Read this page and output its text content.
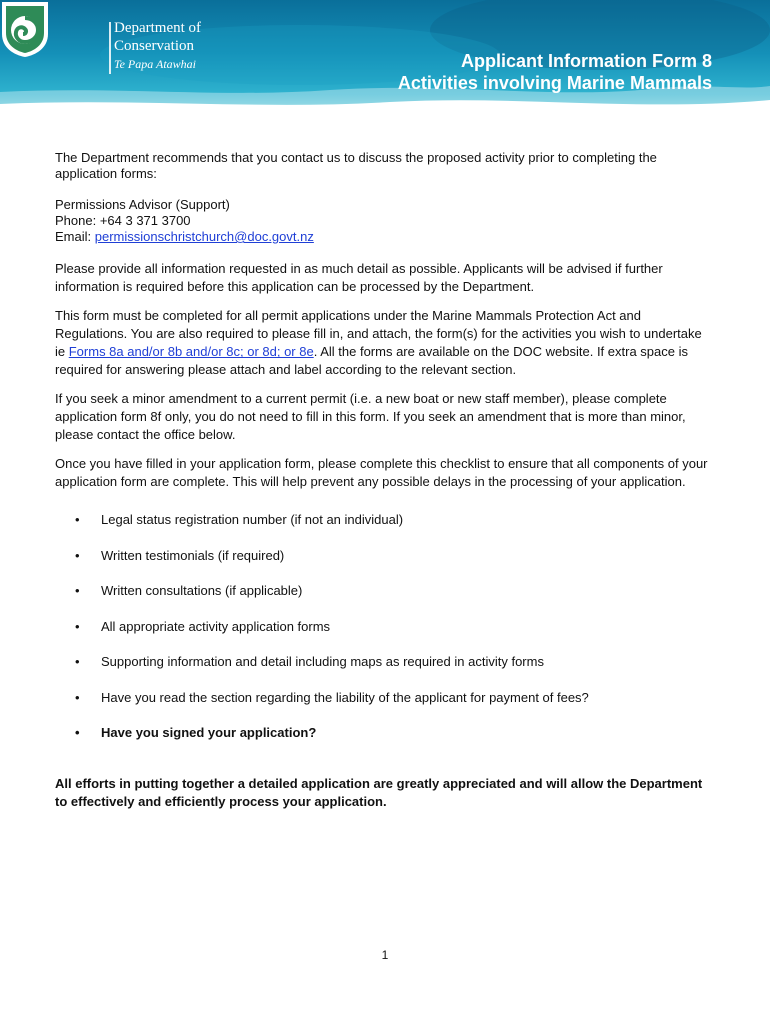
Department of
Conservation
Te Papa Atawhai	Applicant Information Form 8
Activities involving Marine Mammals

The Department recommends that you contact us to discuss the proposed activity prior to completing the application forms:

Permissions Advisor (Support)
Phone: +64 3 371 3700
Email: permissionschristchurch@doc.govt.nz

Please provide all information requested in as much detail as possible. Applicants will be advised if further information is required before this application can be processed by the Department.

This form must be completed for all permit applications under the Marine Mammals Protection Act and Regulations. You are also required to please fill in, and attach, the form(s) for the activities you wish to undertake ie Forms 8a and/or 8b and/or 8c; or 8d; or 8e. All the forms are available on the DOC website. If extra space is required for answering please attach and label according to the relevant section.

If you seek a minor amendment to a current permit (i.e. a new boat or new staff member), please complete application form 8f only, you do not need to fill in this form. If you seek an amendment that is more than minor, please contact the office below.

Once you have filled in your application form, please complete this checklist to ensure that all components of your application form are complete. This will help prevent any possible delays in the processing of your application.

• Legal status registration number (if not an individual)
• Written testimonials (if required)
• Written consultations (if applicable)
• All appropriate activity application forms
• Supporting information and detail including maps as required in activity forms
• Have you read the section regarding the liability of the applicant for payment of fees?
• Have you signed your application?

All efforts in putting together a detailed application are greatly appreciated and will allow the Department to effectively and efficiently process your application.

1
